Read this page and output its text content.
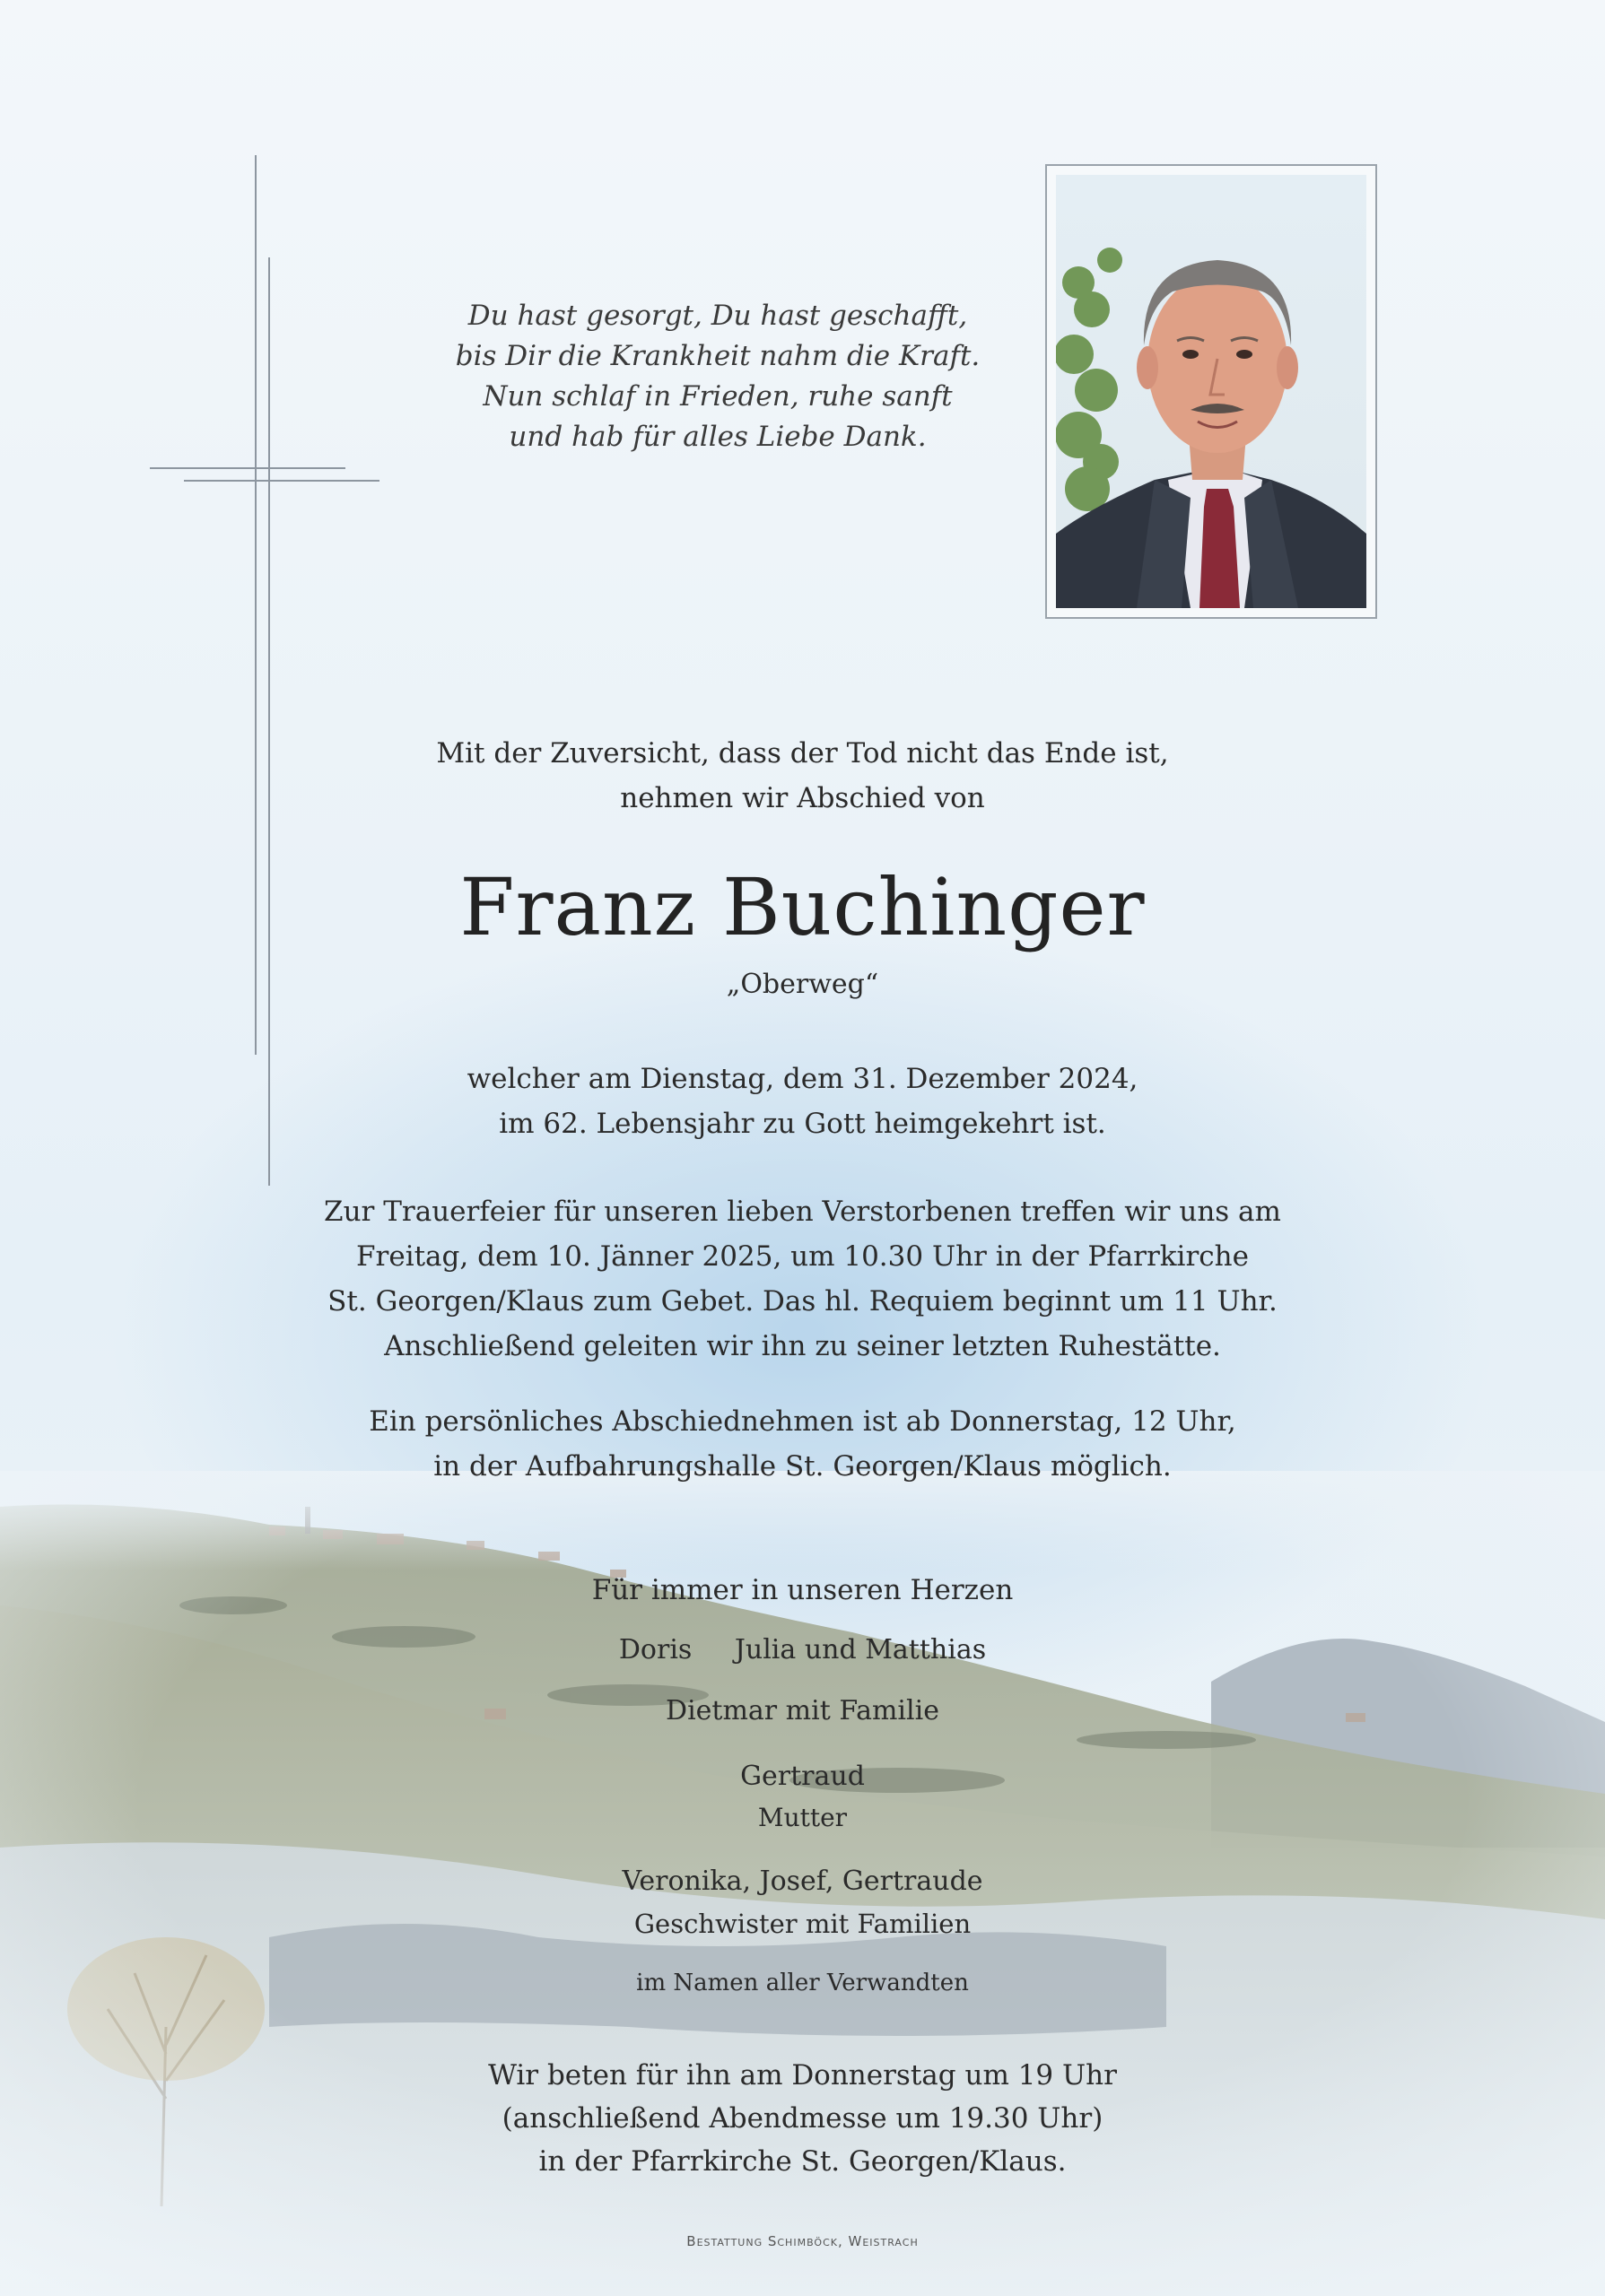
Du hast gesorgt, Du hast geschafft,
bis Dir die Krankheit nahm die Kraft.
Nun schlaf in Frieden, ruhe sanft
und hab für alles Liebe Dank.
Mit der Zuversicht, dass der Tod nicht das Ende ist,
nehmen wir Abschied von
Franz Buchinger
„Oberweg“
welcher am Dienstag, dem 31. Dezember 2024,
im 62. Lebensjahr zu Gott heimgekehrt ist.
Zur Trauerfeier für unseren lieben Verstorbenen treffen wir uns am
Freitag, dem 10. Jänner 2025, um 10.30 Uhr in der Pfarrkirche
St. Georgen/Klaus zum Gebet. Das hl. Requiem beginnt um 11 Uhr.
Anschließend geleiten wir ihn zu seiner letzten Ruhestätte.
Ein persönliches Abschiednehmen ist ab Donnerstag, 12 Uhr,
in der Aufbahrungshalle St. Georgen/Klaus möglich.
Für immer in unseren Herzen
Doris Julia und Matthias
Dietmar mit Familie
Gertraud
Mutter
Veronika, Josef, Gertraude
Geschwister mit Familien
im Namen aller Verwandten
Wir beten für ihn am Donnerstag um 19 Uhr
(anschließend Abendmesse um 19.30 Uhr)
in der Pfarrkirche St. Georgen/Klaus.
Bestattung Schimböck, Weistrach
